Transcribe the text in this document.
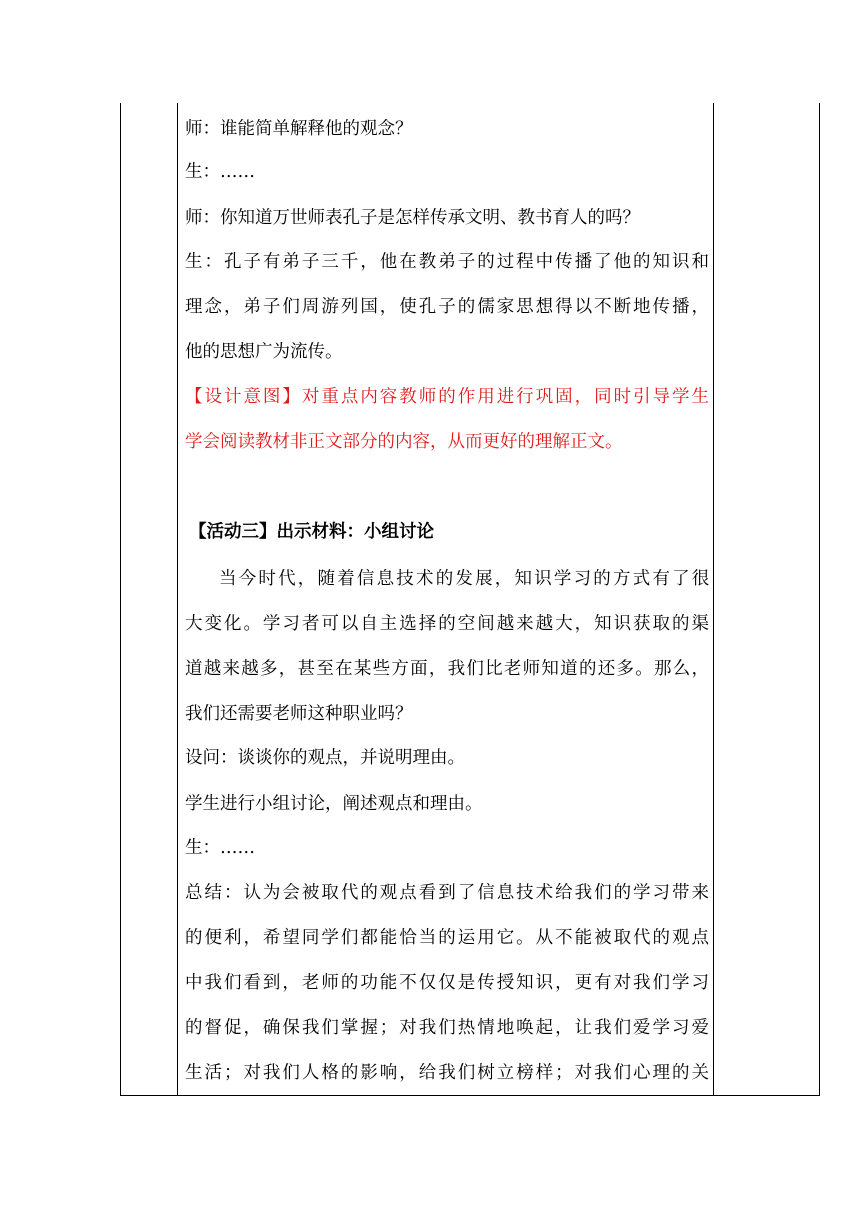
师：谁能简单解释他的观念？
生：……
师：你知道万世师表孔子是怎样传承文明、教书育人的吗？
生：孔子有弟子三千，他在教弟子的过程中传播了他的知识和
理念，弟子们周游列国，使孔子的儒家思想得以不断地传播，
他的思想广为流传。
【设计意图】对重点内容教师的作用进行巩固，同时引导学生
学会阅读教材非正文部分的内容，从而更好的理解正文。
【活动三】出示材料：小组讨论
当今时代，随着信息技术的发展，知识学习的方式有了很
大变化。学习者可以自主选择的空间越来越大，知识获取的渠
道越来越多，甚至在某些方面，我们比老师知道的还多。那么，
我们还需要老师这种职业吗？
设问：谈谈你的观点，并说明理由。
学生进行小组讨论，阐述观点和理由。
生：……
总结：认为会被取代的观点看到了信息技术给我们的学习带来
的便利，希望同学们都能恰当的运用它。从不能被取代的观点
中我们看到，老师的功能不仅仅是传授知识，更有对我们学习
的督促，确保我们掌握；对我们热情地唤起，让我们爱学习爱
生活；对我们人格的影响，给我们树立榜样；对我们心理的关
